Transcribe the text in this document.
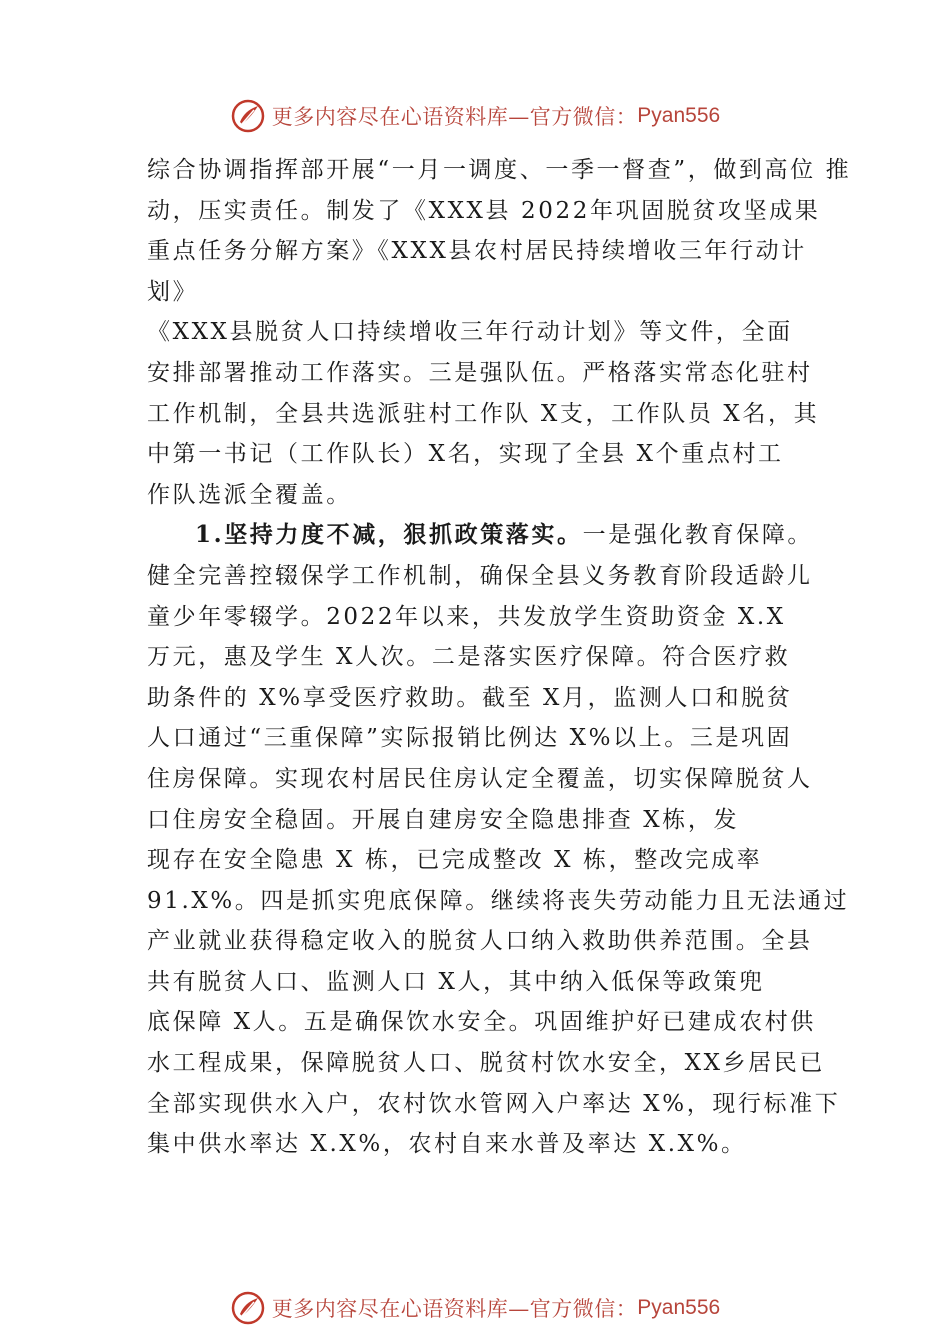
更多内容尽在心语资料库—官方微信： Pyan556
综合协调指挥部开展“一月一调度、一季一督查”，做到高位 推
动，压实责任。制发了《XXX县 2022年巩固脱贫攻坚成果
重点任务分解方案》《XXX县农村居民持续增收三年行动计
划》
《XXX县脱贫人口持续增收三年行动计划》等文件，全面
安排部署推动工作落实。三是强队伍。严格落实常态化驻村
工作机制，全县共选派驻村工作队 X支，工作队员 X名，其
中第一书记（工作队长）X名，实现了全县 X个重点村工
作队选派全覆盖。
1.坚持力度不减，狠抓政策落实。一是强化教育保障。
健全完善控辍保学工作机制，确保全县义务教育阶段适龄儿
童少年零辍学。2022年以来，共发放学生资助资金 X.X
万元，惠及学生 X人次。二是落实医疗保障。符合医疗救
助条件的 X%享受医疗救助。截至 X月，监测人口和脱贫
人口通过“三重保障”实际报销比例达 X%以上。三是巩固
住房保障。实现农村居民住房认定全覆盖，切实保障脱贫人
口住房安全稳固。开展自建房安全隐患排查 X栋，发
现存在安全隐患 X 栋，已完成整改 X 栋，整改完成率
91.X%。四是抓实兜底保障。继续将丧失劳动能力且无法通过
产业就业获得稳定收入的脱贫人口纳入救助供养范围。全县
共有脱贫人口、监测人口 X人，其中纳入低保等政策兜
底保障 X人。五是确保饮水安全。巩固维护好已建成农村供
水工程成果，保障脱贫人口、脱贫村饮水安全，XX乡居民已
全部实现供水入户，农村饮水管网入户率达 X%，现行标准下
集中供水率达 X.X%，农村自来水普及率达 X.X%。
更多内容尽在心语资料库—官方微信： Pyan556
